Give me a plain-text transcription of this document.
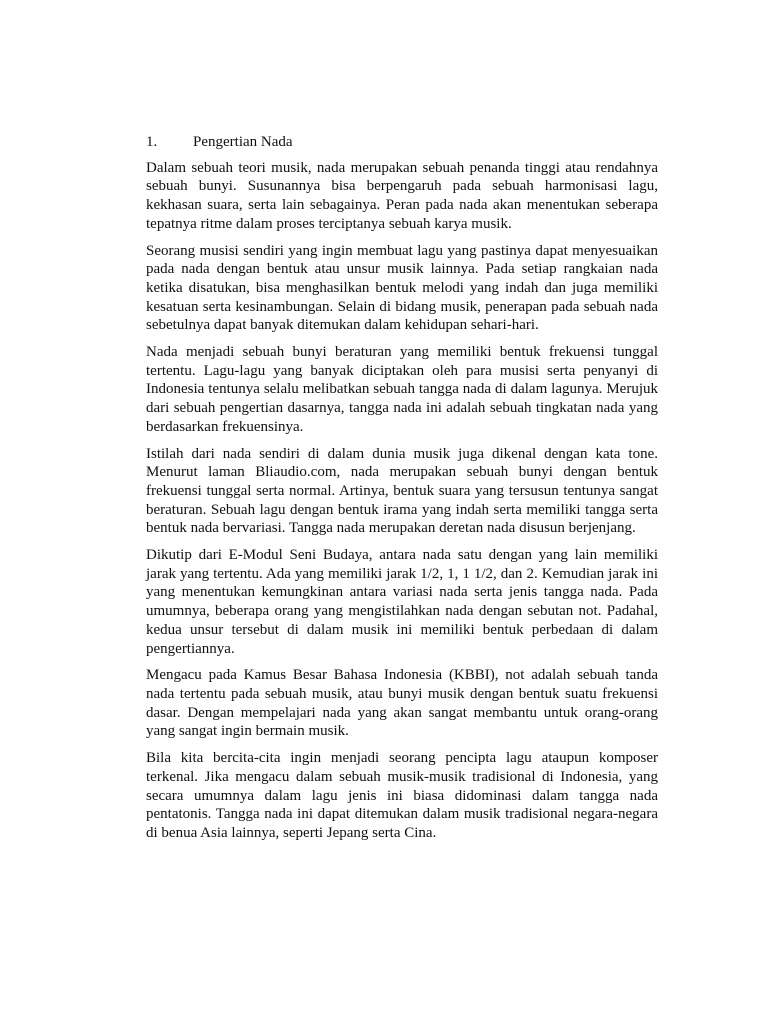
1.	Pengertian Nada

Dalam sebuah teori musik, nada merupakan sebuah penanda tinggi atau rendahnya sebuah bunyi. Susunannya bisa berpengaruh pada sebuah harmonisasi lagu, kekhasan suara, serta lain sebagainya. Peran pada nada akan menentukan seberapa tepatnya ritme dalam proses terciptanya sebuah karya musik.

Seorang musisi sendiri yang ingin membuat lagu yang pastinya dapat menyesuaikan pada nada dengan bentuk atau unsur musik lainnya. Pada setiap rangkaian nada ketika disatukan, bisa menghasilkan bentuk melodi yang indah dan juga memiliki kesatuan serta kesinambungan. Selain di bidang musik, penerapan pada sebuah nada sebetulnya dapat banyak ditemukan dalam kehidupan sehari-hari.

Nada menjadi sebuah bunyi beraturan yang memiliki bentuk frekuensi tunggal tertentu. Lagu-lagu yang banyak diciptakan oleh para musisi serta penyanyi di Indonesia tentunya selalu melibatkan sebuah tangga nada di dalam lagunya. Merujuk dari sebuah pengertian dasarnya, tangga nada ini adalah sebuah tingkatan nada yang berdasarkan frekuensinya.

Istilah dari nada sendiri di dalam dunia musik juga dikenal dengan kata tone. Menurut laman Bliaudio.com, nada merupakan sebuah bunyi dengan bentuk frekuensi tunggal serta normal. Artinya, bentuk suara yang tersusun tentunya sangat beraturan. Sebuah lagu dengan bentuk irama yang indah serta memiliki tangga serta bentuk nada bervariasi. Tangga nada merupakan deretan nada disusun berjenjang.

Dikutip dari E-Modul Seni Budaya, antara nada satu dengan yang lain memiliki jarak yang tertentu. Ada yang memiliki jarak 1/2, 1, 1 1/2, dan 2. Kemudian jarak ini yang menentukan kemungkinan antara variasi nada serta jenis tangga nada. Pada umumnya, beberapa orang yang mengistilahkan nada dengan sebutan not. Padahal, kedua unsur tersebut di dalam musik ini memiliki bentuk perbedaan di dalam pengertiannya.

Mengacu pada Kamus Besar Bahasa Indonesia (KBBI), not adalah sebuah tanda nada tertentu pada sebuah musik, atau bunyi musik dengan bentuk suatu frekuensi dasar. Dengan mempelajari nada yang akan sangat membantu untuk orang-orang yang sangat ingin bermain musik.

Bila kita bercita-cita ingin menjadi seorang pencipta lagu ataupun komposer terkenal. Jika mengacu dalam sebuah musik-musik tradisional di Indonesia, yang secara umumnya dalam lagu jenis ini biasa didominasi dalam tangga nada pentatonis. Tangga nada ini dapat ditemukan dalam musik tradisional negara-negara di benua Asia lainnya, seperti Jepang serta Cina.
